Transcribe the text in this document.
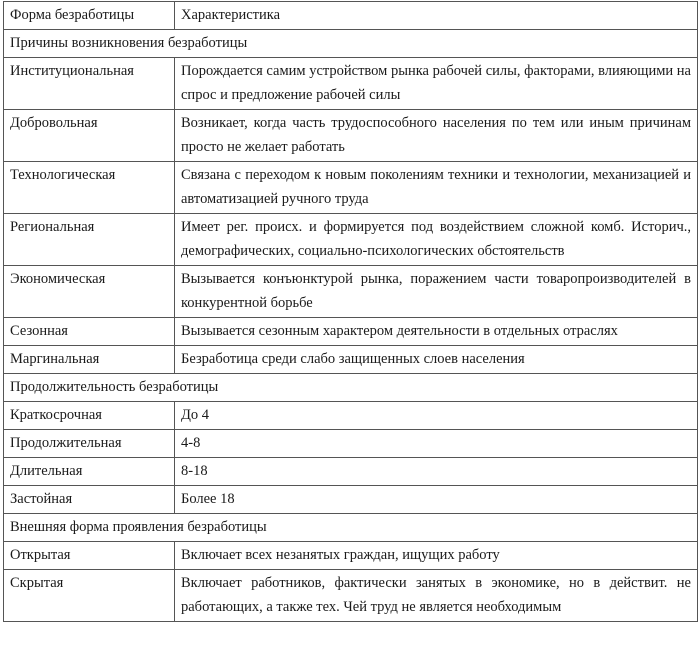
Форма безработицы	Характеристика
Причины возникновения безработицы	
Институциональная	Порождается самим устройством рынка рабочей силы, факторами, влияющими на спрос и предложение рабочей силы
Добровольная	Возникает, когда часть трудоспособного населения по тем или иным причинам просто не желает работать
Технологическая	Связана с переходом к новым поколениям техники и технологии, механизацией и автоматизацией ручного труда
Региональная	Имеет рег. происх. и формируется под воздействием сложной комб. Историч., демографических, социально-психологических обстоятельств
Экономическая	Вызывается конъюнктурой рынка, поражением части товаропроизводителей в конкурентной борьбе
Сезонная	Вызывается сезонным характером деятельности в отдельных отраслях
Маргинальная	Безработица среди слабо защищенных слоев населения
Продолжительность безработицы	
Краткосрочная	До 4
Продолжительная	4-8
Длительная	8-18
Застойная	Более 18
Внешняя форма проявления безработицы	
Открытая	Включает всех незанятых граждан, ищущих работу
Скрытая	Включает работников, фактически занятых в экономике, но в действит. не работающих, а также тех. Чей труд не является необходимым
